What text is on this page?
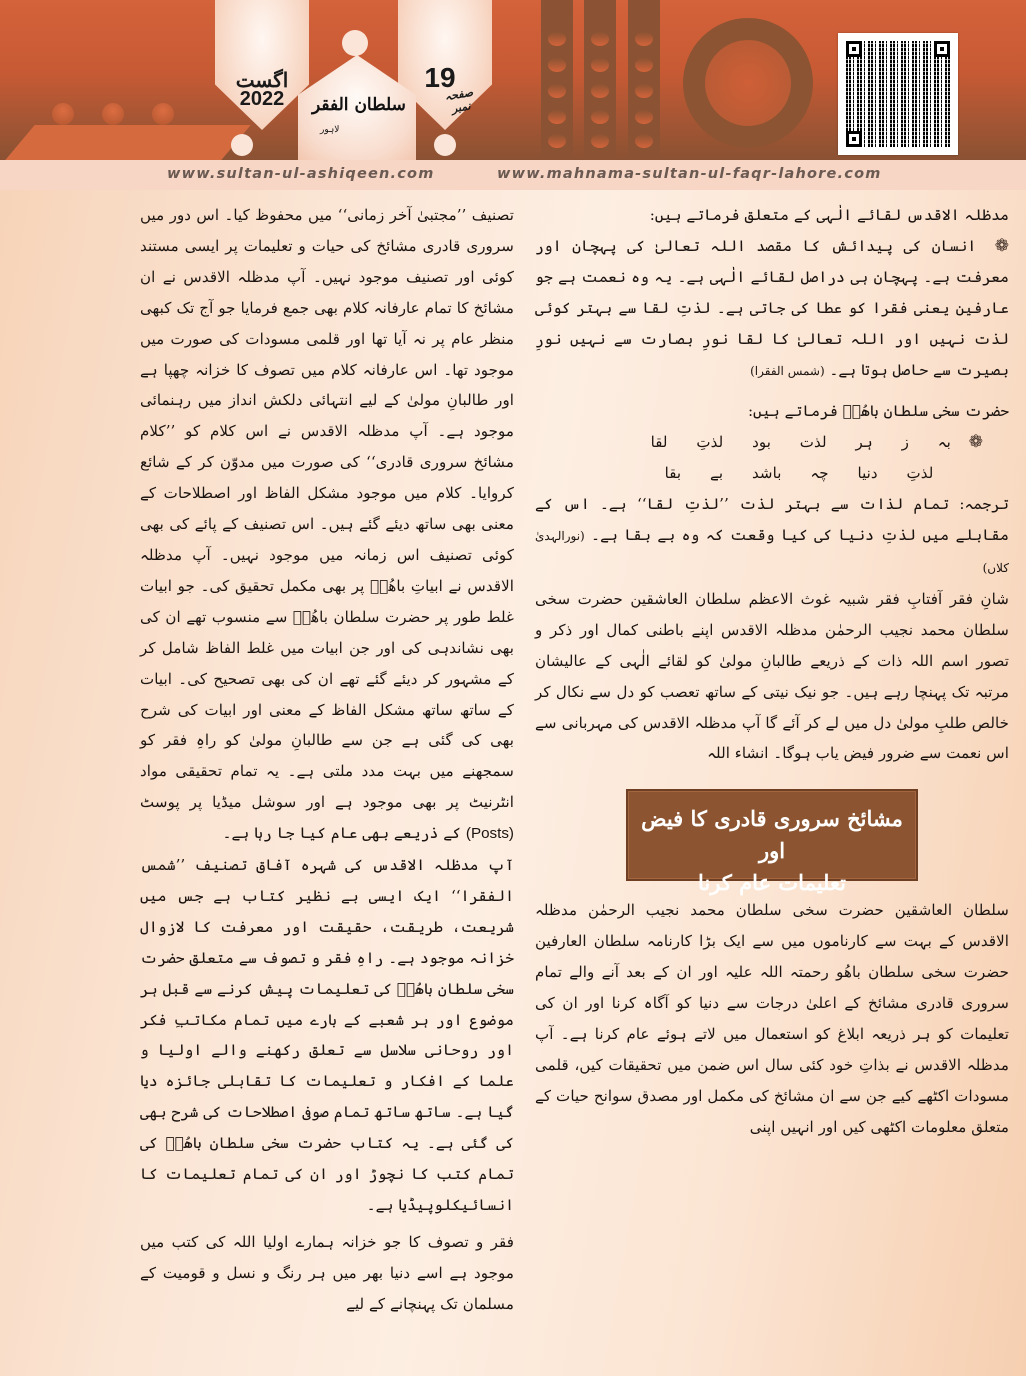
اگست
2022
19
صفحہ نمبر
سلطان الفقر
لاہور
www.sultan-ul-ashiqeen.com	www.mahnama-sultan-ul-faqr-lahore.com

مدظلہ الاقدس لقائے الٰہی کے متعلق فرماتے ہیں:

❁ انسان کی پیدائش کا مقصد اللہ تعالیٰ کی پہچان اور معرفت ہے۔ پہچان ہی دراصل لقائے الٰہی ہے۔ یہ وہ نعمت ہے جو عارفین یعنی فقرا کو عطا کی جاتی ہے۔ لذتِ لقا سے بہتر کوئی لذت نہیں اور اللہ تعالیٰ کا لقا نورِ بصارت سے نہیں نورِ بصیرت سے حاصل ہوتا ہے۔ (شمس الفقرا)

حضرت سخی سلطان باھُوؒ فرماتے ہیں:

❁
بہ ز ہر لذت بود لذتِ لقا
لذتِ دنیا چہ باشد بے بقا

ترجمہ: تمام لذات سے بہتر لذت ’’لذتِ لقا‘‘ ہے۔ اس کے مقابلے میں لذتِ دنیا کی کیا وقعت کہ وہ بے بقا ہے۔ (نورالہدیٰ کلاں)

شانِ فقر آفتابِ فقر شبیہ غوث الاعظم سلطان العاشقین حضرت سخی سلطان محمد نجیب الرحمٰن مدظلہ الاقدس اپنے باطنی کمال اور ذکر و تصور اسم اللہ ذات کے ذریعے طالبانِ مولیٰ کو لقائے الٰہی کے عالیشان مرتبہ تک پہنچا رہے ہیں۔ جو نیک نیتی کے ساتھ تعصب کو دل سے نکال کر خالص طلبِ مولیٰ دل میں لے کر آئے گا آپ مدظلہ الاقدس کی مہربانی سے اس نعمت سے ضرور فیض یاب ہوگا۔ انشاء اللہ

مشائخ سروری قادری کا فیض اور
تعلیمات عام کرنا

سلطان العاشقین حضرت سخی سلطان محمد نجیب الرحمٰن مدظلہ الاقدس کے بہت سے کارناموں میں سے ایک بڑا کارنامہ سلطان العارفین حضرت سخی سلطان باھُو رحمتہ اللہ علیہ اور ان کے بعد آنے والے تمام سروری قادری مشائخ کے اعلیٰ درجات سے دنیا کو آگاہ کرنا اور ان کی تعلیمات کو ہر ذریعہ ابلاغ کو استعمال میں لاتے ہوئے عام کرنا ہے۔ آپ مدظلہ الاقدس نے بذاتِ خود کئی سال اس ضمن میں تحقیقات کیں، قلمی مسودات اکٹھے کیے جن سے ان مشائخ کی مکمل اور مصدق سوانح حیات کے متعلق معلومات اکٹھی کیں اور انہیں اپنی

تصنیف ’’مجتبیٰ آخر زمانی‘‘ میں محفوظ کیا۔ اس دور میں سروری قادری مشائخ کی حیات و تعلیمات پر ایسی مستند کوئی اور تصنیف موجود نہیں۔ آپ مدظلہ الاقدس نے ان مشائخ کا تمام عارفانہ کلام بھی جمع فرمایا جو آج تک کبھی منظر عام پر نہ آیا تھا اور قلمی مسودات کی صورت میں موجود تھا۔ اس عارفانہ کلام میں تصوف کا خزانہ چھپا ہے اور طالبانِ مولیٰ کے لیے انتہائی دلکش انداز میں رہنمائی موجود ہے۔ آپ مدظلہ الاقدس نے اس کلام کو ’’کلام مشائخ سروری قادری‘‘ کی صورت میں مدوّن کر کے شائع کروایا۔ کلام میں موجود مشکل الفاظ اور اصطلاحات کے معنی بھی ساتھ دیئے گئے ہیں۔ اس تصنیف کے پائے کی بھی کوئی تصنیف اس زمانہ میں موجود نہیں۔ آپ مدظلہ الاقدس نے ابیاتِ باھُوؒ پر بھی مکمل تحقیق کی۔ جو ابیات غلط طور پر حضرت سلطان باھُوؒ سے منسوب تھے ان کی بھی نشاندہی کی اور جن ابیات میں غلط الفاظ شامل کر کے مشہور کر دیئے گئے تھے ان کی بھی تصحیح کی۔ ابیات کے ساتھ ساتھ مشکل الفاظ کے معنی اور ابیات کی شرح بھی کی گئی ہے جن سے طالبانِ مولیٰ کو راہِ فقر کو سمجھنے میں بہت مدد ملتی ہے۔ یہ تمام تحقیقی مواد انٹرنیٹ پر بھی موجود ہے اور سوشل میڈیا پر پوسٹ (Posts) کے ذریعے بھی عام کیا جا رہا ہے۔

آپ مدظلہ الاقدس کی شہرہ آفاق تصنیف ’’شمس الفقرا‘‘ ایک ایسی بے نظیر کتاب ہے جس میں شریعت، طریقت، حقیقت اور معرفت کا لازوال خزانہ موجود ہے۔ راہِ فقر و تصوف سے متعلق حضرت سخی سلطان باھُوؒ کی تعلیمات پیش کرنے سے قبل ہر موضوع اور ہر شعبے کے بارے میں تمام مکاتبِ فکر اور روحانی سلاسل سے تعلق رکھنے والے اولیا و علما کے افکار و تعلیمات کا تقابلی جائزہ دیا گیا ہے۔ ساتھ ساتھ تمام صوفی اصطلاحات کی شرح بھی کی گئی ہے۔ یہ کتاب حضرت سخی سلطان باھُوؒ کی تمام کتب کا نچوڑ اور ان کی تمام تعلیمات کا انسائیکلوپیڈیا ہے۔

فقر و تصوف کا جو خزانہ ہمارے اولیا اللہ کی کتب میں موجود ہے اسے دنیا بھر میں ہر رنگ و نسل و قومیت کے مسلمان تک پہنچانے کے لیے
